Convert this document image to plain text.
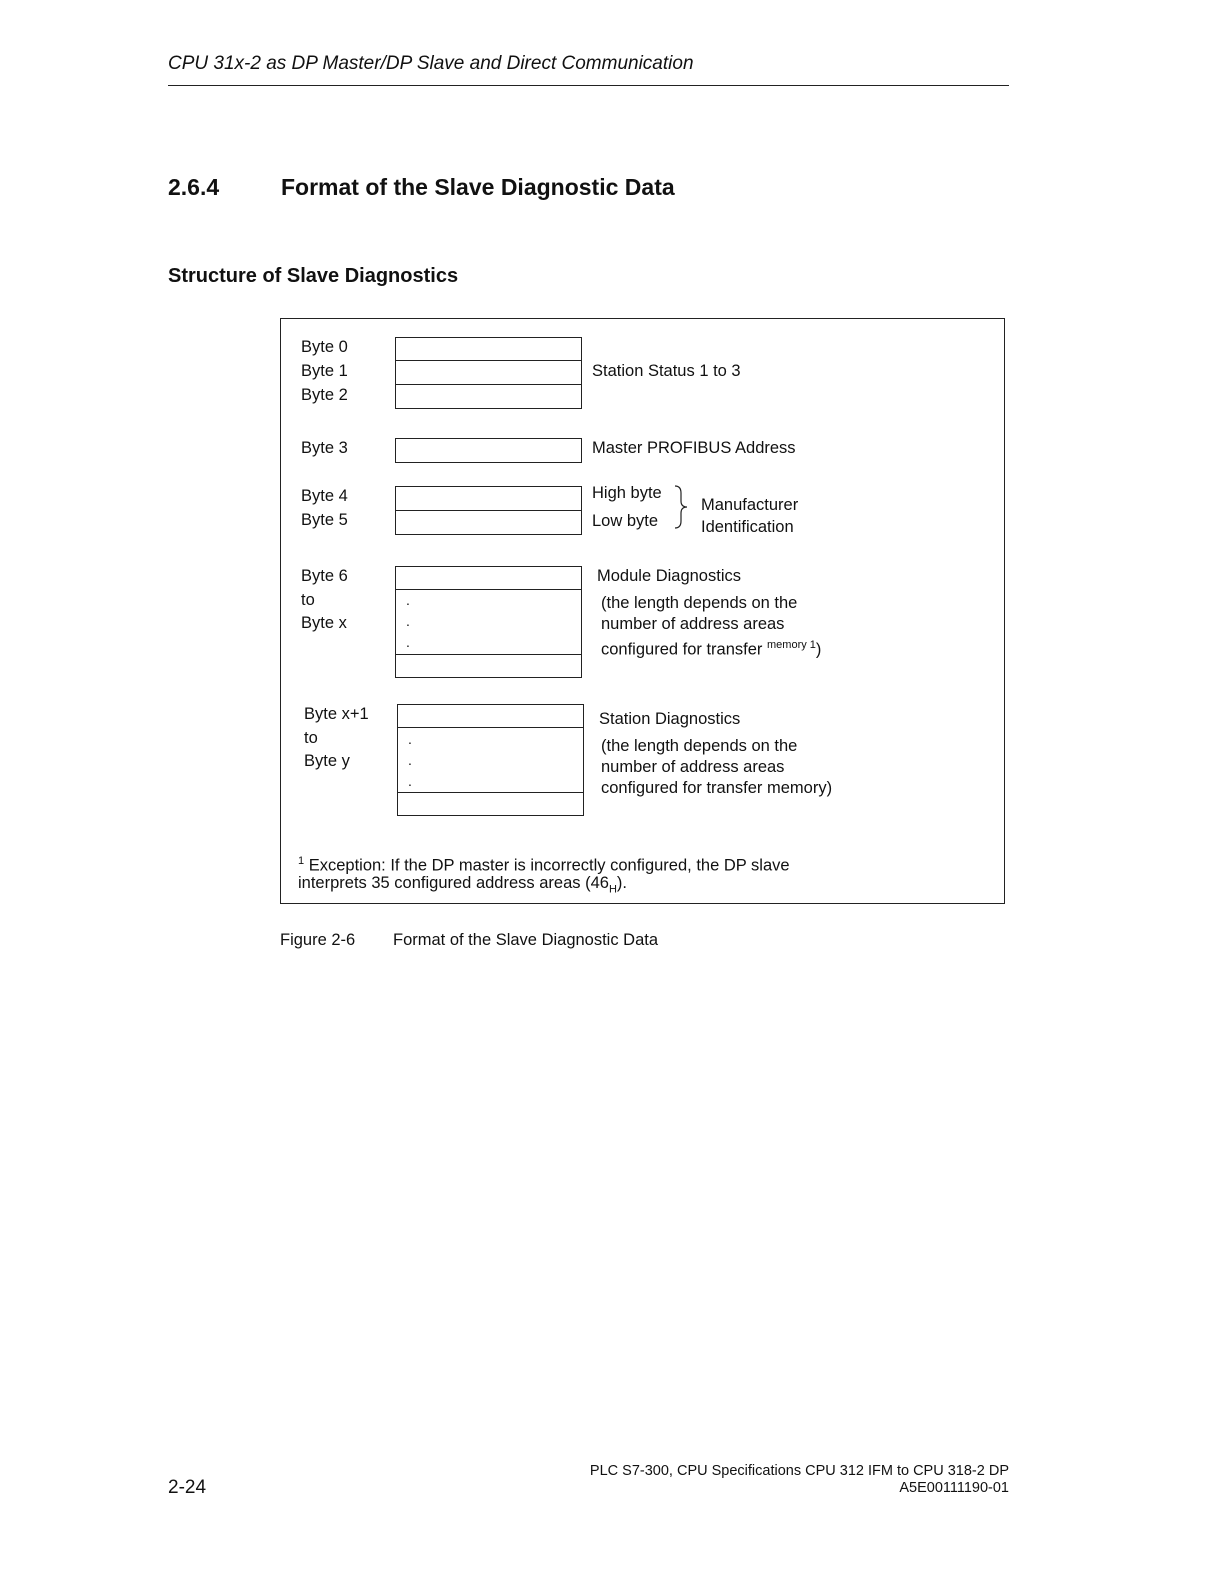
CPU 31x-2 as DP Master/DP Slave and Direct Communication
2.6.4	Format of the Slave Diagnostic Data
Structure of Slave Diagnostics
Byte 0
Byte 1
Byte 2
Station Status 1 to 3
Byte 3	Master PROFIBUS Address
Byte 4
Byte 5
High byte
Low byte
Manufacturer
Identification
Byte 6
to
Byte x
.
.
.
Module Diagnostics
(the length depends on the
number of address areas
configured for transfer $^{memory 1}$)
Byte x+1
to
Byte y
.
.
.
Station Diagnostics
(the length depends on the
number of address areas
configured for transfer memory)
$^1$ Exception: If the DP master is incorrectly configured, the DP slave
interprets 35 configured address areas $(46_H)$.
Figure 2-6 Format of the Slave Diagnostic Data
2-24
PLC S7-300, CPU Specifications CPU 312 IFM to CPU 318-2 DP
A5E00111190-01
